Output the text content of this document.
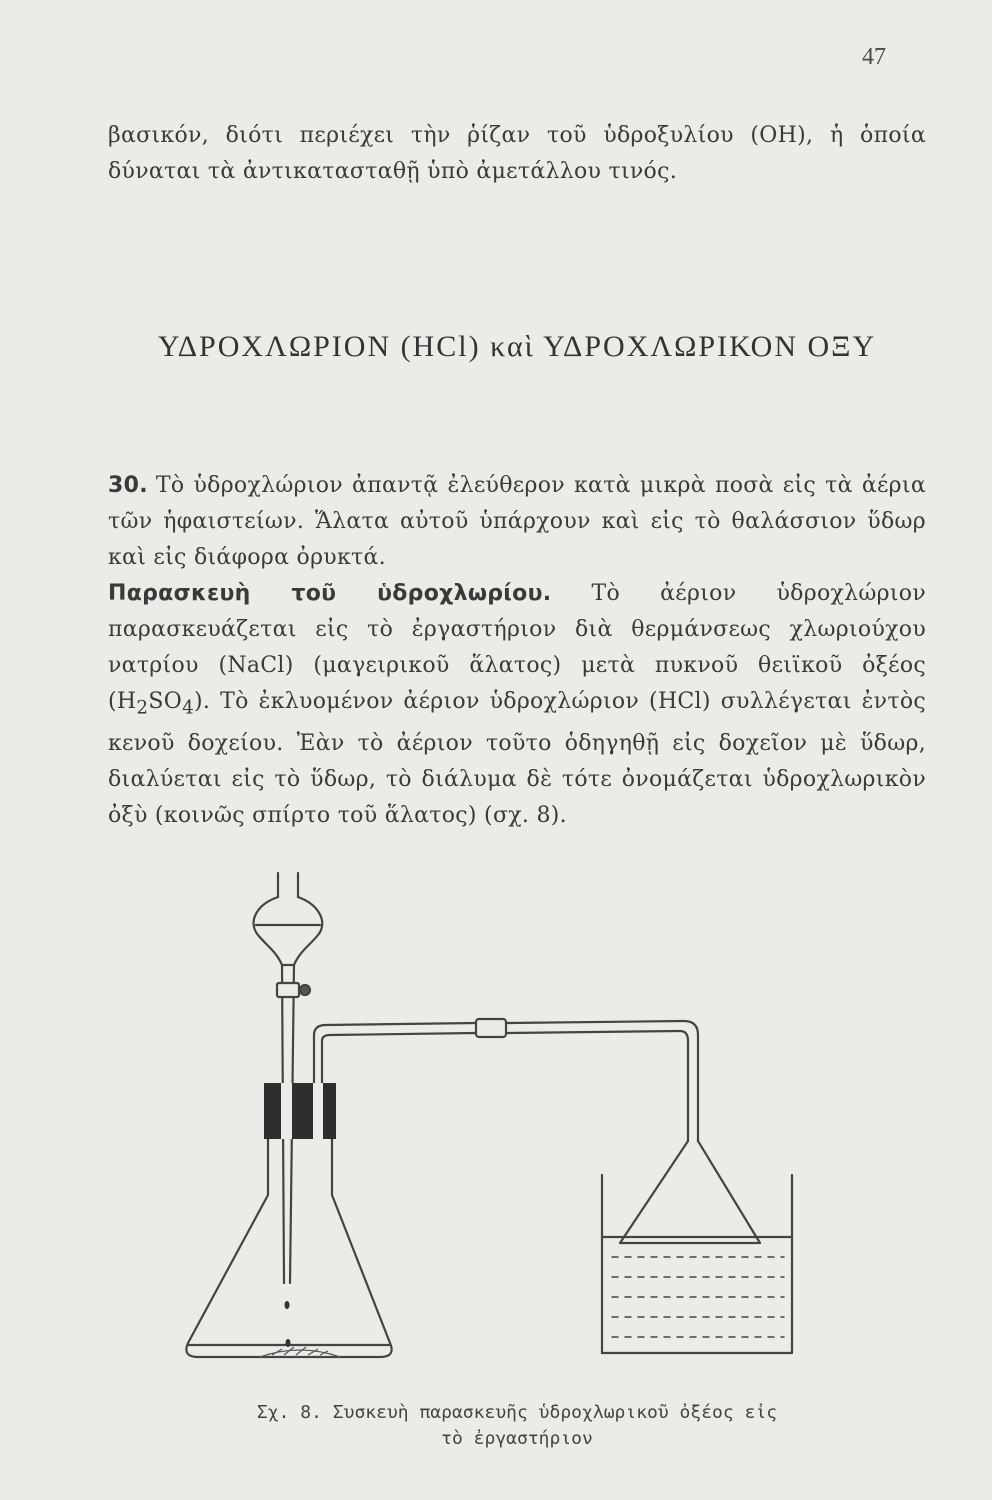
47

βασικόν, διότι περιέχει τὴν ῥίζαν τοῦ ὑδροξυλίου (ΟΗ), ἡ ὁποία δύναται τὰ ἀντικατασταθῇ ὑπὸ ἀμετάλλου τινός.

ΥΔΡΟΧΛΩΡΙΟΝ (HCl) καὶ ΥΔΡΟΧΛΩΡΙΚΟΝ ΟΞΥ

30. Τὸ ὑδροχλώριον ἀπαντᾷ ἐλεύθερον κατὰ μικρὰ ποσὰ εἰς τὰ ἀέρια τῶν ἡφαιστείων. Ἅλατα αὐτοῦ ὑπάρχουν καὶ εἰς τὸ θαλάσσιον ὕδωρ καὶ εἰς διάφορα ὀρυκτά.

Παρασκευὴ τοῦ ὑδροχλωρίου. Τὸ ἀέριον ὑδροχλώριον παρασκευάζεται εἰς τὸ ἐργαστήριον διὰ θερμάνσεως χλωριούχου νατρίου (NaCl) (μαγειρικοῦ ἅλατος) μετὰ πυκνοῦ θειϊκοῦ ὀξέος $(H_2SO_4)$. Τὸ ἐκλυομένον ἀέριον ὑδροχλώριον (HCl) συλλέγεται ἐντὸς κενοῦ δοχείου. Ἐὰν τὸ ἀέριον τοῦτο ὁδηγηθῇ εἰς δοχεῖον μὲ ὕδωρ, διαλύεται εἰς τὸ ὕδωρ, τὸ διάλυμα δὲ τότε ὀνομάζεται ὑδροχλωρικὸν ὀξὺ (κοινῶς σπίρτο τοῦ ἅλατος) (σχ. 8).

Σχ. 8. Συσκευὴ παρασκευῆς ὑδροχλωρικοῦ ὀξέος εἰς
τὸ ἐργαστήριον
